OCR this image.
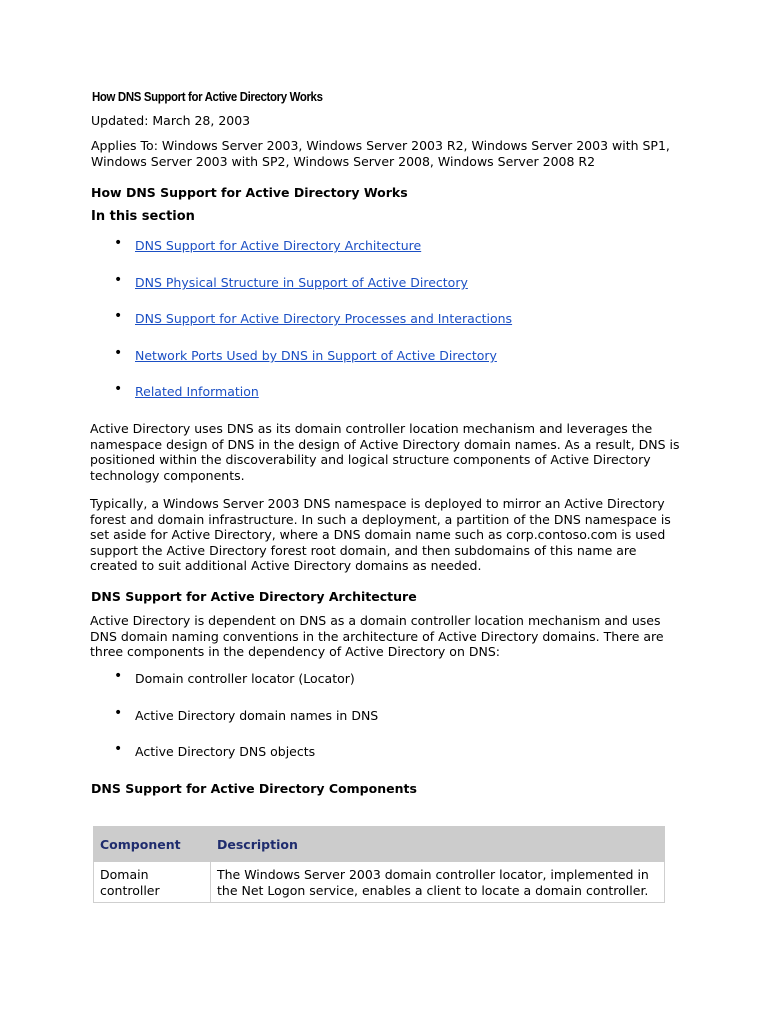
How DNS Support for Active Directory Works
Updated: March 28, 2003
Applies To: Windows Server 2003, Windows Server 2003 R2, Windows Server 2003 with SP1, Windows Server 2003 with SP2, Windows Server 2008, Windows Server 2008 R2
How DNS Support for Active Directory Works
In this section
• DNS Support for Active Directory Architecture
• DNS Physical Structure in Support of Active Directory
• DNS Support for Active Directory Processes and Interactions
• Network Ports Used by DNS in Support of Active Directory
• Related Information
Active Directory uses DNS as its domain controller location mechanism and leverages the namespace design of DNS in the design of Active Directory domain names. As a result, DNS is positioned within the discoverability and logical structure components of Active Directory technology components.
Typically, a Windows Server 2003 DNS namespace is deployed to mirror an Active Directory forest and domain infrastructure. In such a deployment, a partition of the DNS namespace is set aside for Active Directory, where a DNS domain name such as corp.contoso.com is used support the Active Directory forest root domain, and then subdomains of this name are created to suit additional Active Directory domains as needed.
DNS Support for Active Directory Architecture
Active Directory is dependent on DNS as a domain controller location mechanism and uses DNS domain naming conventions in the architecture of Active Directory domains. There are three components in the dependency of Active Directory on DNS:
• Domain controller locator (Locator)
• Active Directory domain names in DNS
• Active Directory DNS objects
DNS Support for Active Directory Components
Component	Description
Domain controller	The Windows Server 2003 domain controller locator, implemented in the Net Logon service, enables a client to locate a domain controller.
